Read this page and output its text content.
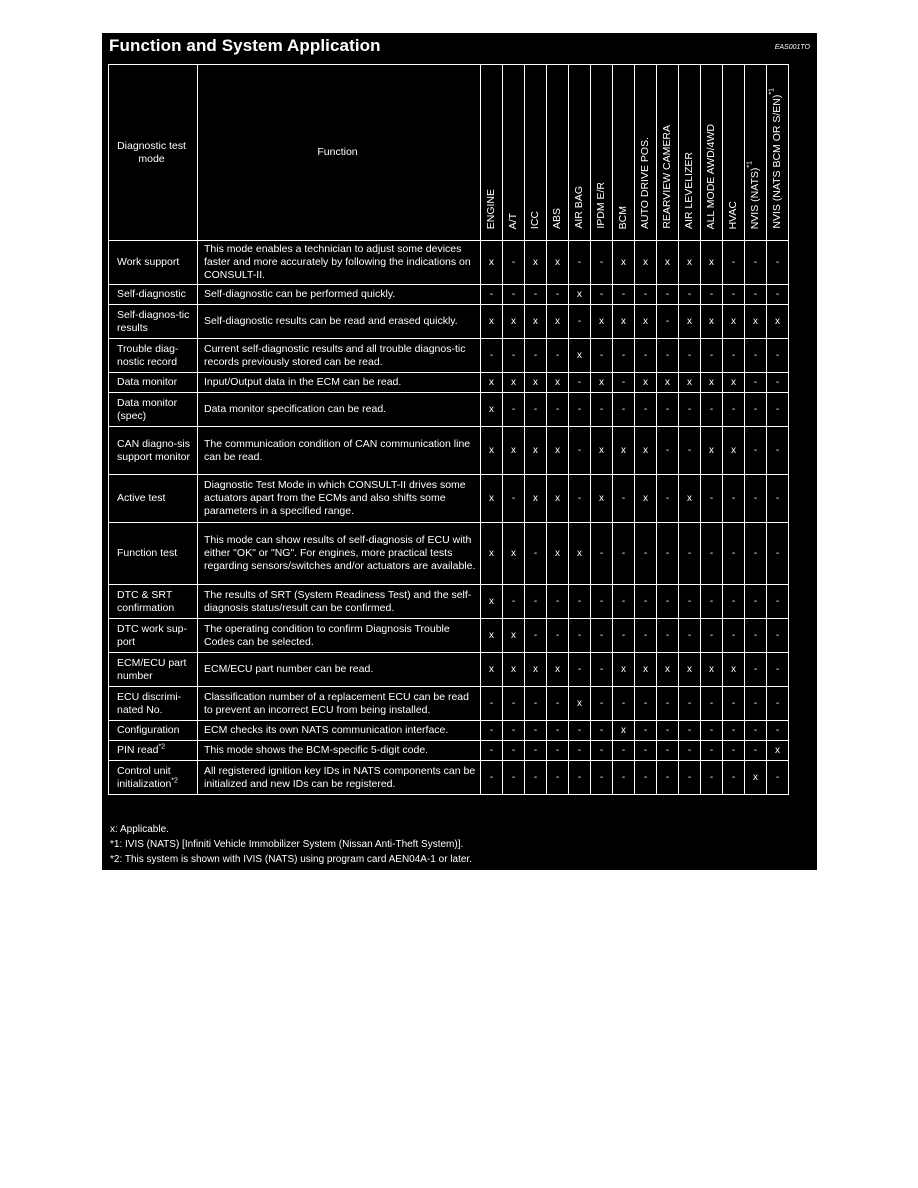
Function and System Application	EAS001TO
Diagnostic test mode	Function	ENGINE	A/T	ICC	ABS	AIR BAG	IPDM E/R	BCM	AUTO DRIVE POS.	REARVIEW CAMERA	AIR LEVELIZER	ALL MODE AWD/4WD	HVAC	NVIS (NATS)$^{*1}$	NVIS (NATS BCM OR S/EN)$^{*1}$
Work support	This mode enables a technician to adjust some devices faster and more accurately by following the indications on CONSULT-II.	x	-	x	x	-	-	x	x	x	x	x	-	-	-
Self-diagnostic	Self-diagnostic can be performed quickly.	-	-	-	-	x	-	-	-	-	-	-	-	-	-
Self-diagnos-tic results	Self-diagnostic results can be read and erased quickly.	x	x	x	x	-	x	x	x	-	x	x	x	x	x
Trouble diag-nostic record	Current self-diagnostic results and all trouble diagnos-tic records previously stored can be read.	-	-	-	-	x	-	-	-	-	-	-	-	-	-
Data monitor	Input/Output data in the ECM can be read.	x	x	x	x	-	x	-	x	x	x	x	x	-	-
Data monitor (spec)	Data monitor specification can be read.	x	-	-	-	-	-	-	-	-	-	-	-	-	-
CAN diagno-sis support monitor	The communication condition of CAN communication line can be read.	x	x	x	x	-	x	x	x	-	-	x	x	-	-
Active test	Diagnostic Test Mode in which CONSULT-II drives some actuators apart from the ECMs and also shifts some parameters in a specified range.	x	-	x	x	-	x	-	x	-	x	-	-	-	-
Function test	This mode can show results of self-diagnosis of ECU with either "OK" or "NG". For engines, more practical tests regarding sensors/switches and/or actuators are available.	x	x	-	x	x	-	-	-	-	-	-	-	-	-
DTC & SRT confirmation	The results of SRT (System Readiness Test) and the self-diagnosis status/result can be confirmed.	x	-	-	-	-	-	-	-	-	-	-	-	-	-
DTC work sup-port	The operating condition to confirm Diagnosis Trouble Codes can be selected.	x	x	-	-	-	-	-	-	-	-	-	-	-	-
ECM/ECU part number	ECM/ECU part number can be read.	x	x	x	x	-	-	x	x	x	x	x	x	-	-
ECU discrimi-nated No.	Classification number of a replacement ECU can be read to prevent an incorrect ECU from being installed.	-	-	-	-	x	-	-	-	-	-	-	-	-	-
Configuration	ECM checks its own NATS communication interface.	-	-	-	-	-	-	x	-	-	-	-	-	-	-
PIN read$^{*2}$	This mode shows the BCM-specific 5-digit code.	-	-	-	-	-	-	-	-	-	-	-	-	-	x
Control unit initialization$^{*2}$	All registered ignition key IDs in NATS components can be initialized and new IDs can be registered.	-	-	-	-	-	-	-	-	-	-	-	-	x	-
x: Applicable.
*1: IVIS (NATS) [Infiniti Vehicle Immobilizer System (Nissan Anti-Theft System)].
*2: This system is shown with IVIS (NATS) using program card AEN04A-1 or later.
